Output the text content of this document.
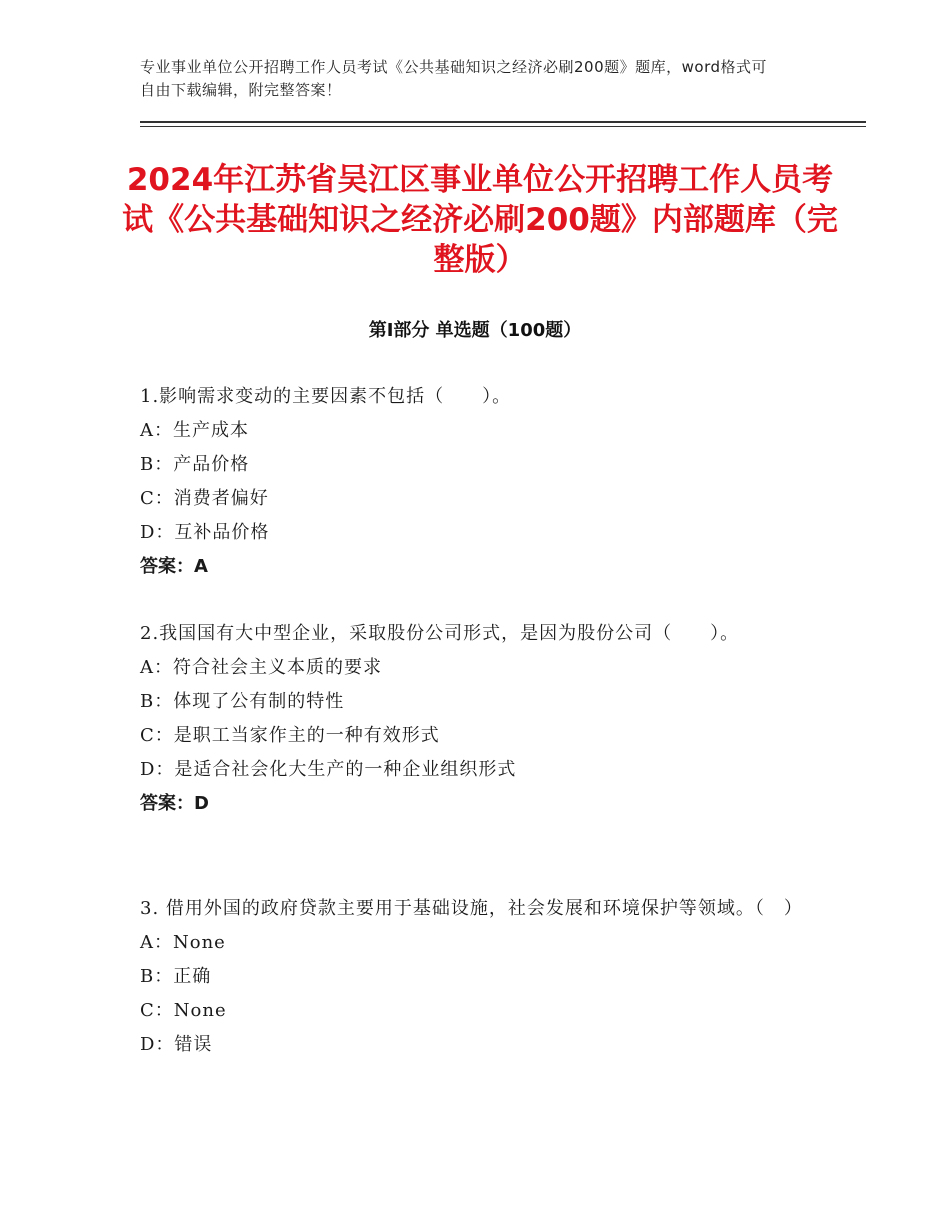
专业事业单位公开招聘工作人员考试《公共基础知识之经济必刷200题》题库，word格式可自由下载编辑，附完整答案！
2024年江苏省吴江区事业单位公开招聘工作人员考试《公共基础知识之经济必刷200题》内部题库（完整版）
第Ⅰ部分 单选题（100题）
1.影响需求变动的主要因素不包括（　　）。
A：生产成本
B：产品价格
C：消费者偏好
D：互补品价格
答案：A
2.我国国有大中型企业，采取股份公司形式，是因为股份公司（　　）。
A：符合社会主义本质的要求
B：体现了公有制的特性
C：是职工当家作主的一种有效形式
D：是适合社会化大生产的一种企业组织形式
答案：D
3. 借用外国的政府贷款主要用于基础设施，社会发展和环境保护等领域。（　）
A：None
B：正确
C：None
D：错误
